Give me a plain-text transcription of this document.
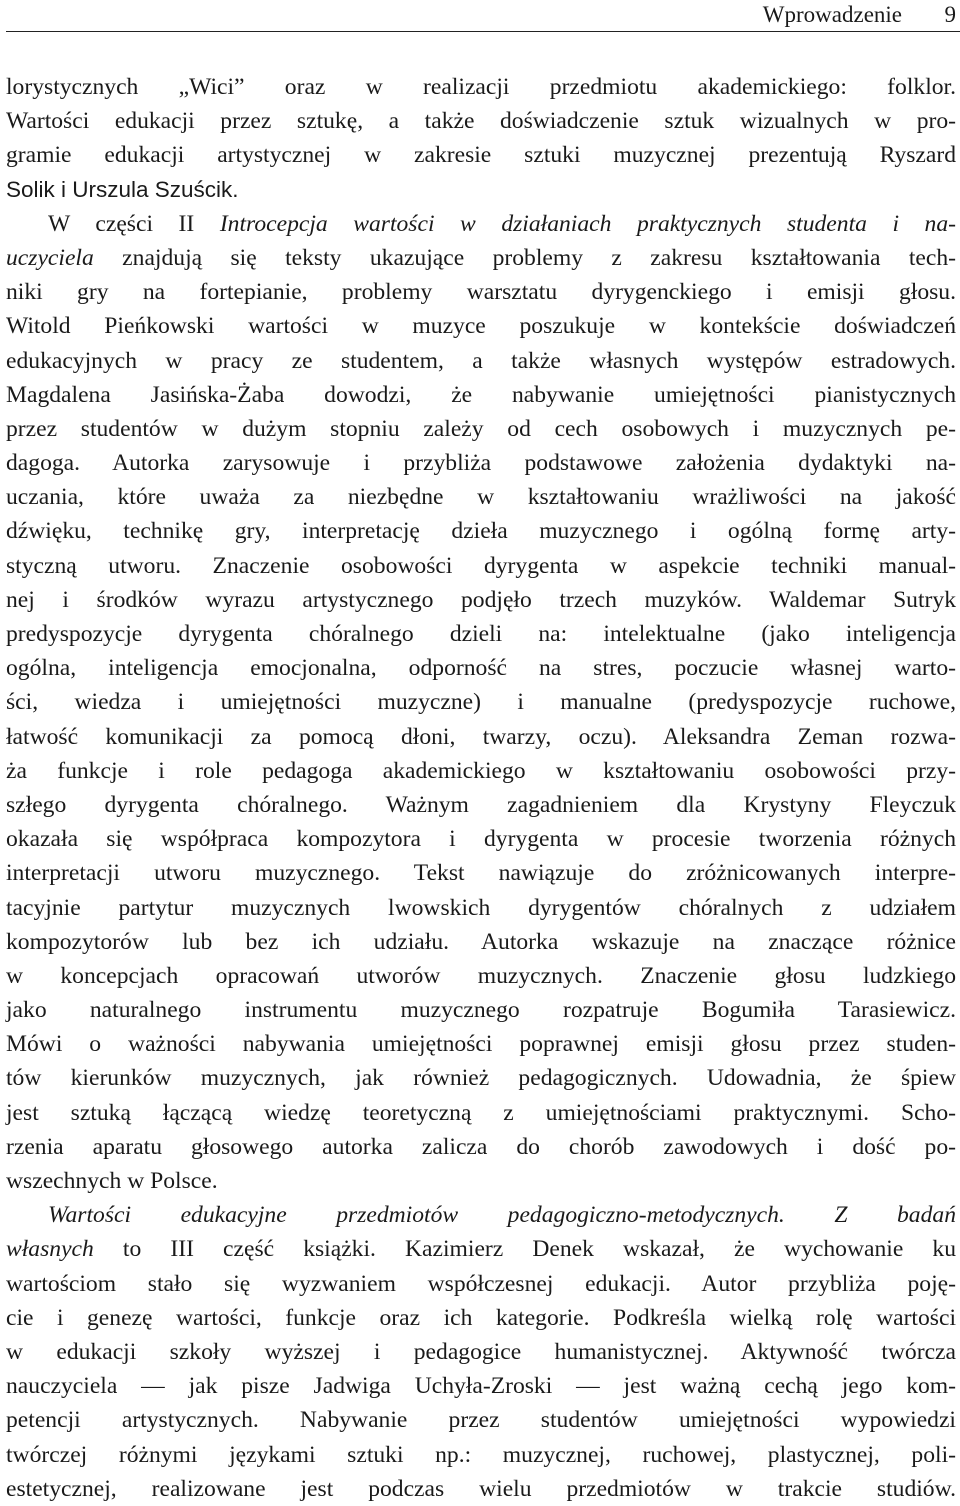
Wprowadzenie 9
lorystycznych „Wici” oraz w realizacji przedmiotu akademickiego: folklor.
Wartości edukacji przez sztukę, a także doświadczenie sztuk wizualnych w pro-
gramie edukacji artystycznej w zakresie sztuki muzycznej prezentują Ryszard
Solik i Urszula Szuścik.
W części II Introcepcja wartości w działaniach praktycznych studenta i na-
uczyciela znajdują się teksty ukazujące problemy z zakresu kształtowania tech-
niki gry na fortepianie, problemy warsztatu dyrygenckiego i emisji głosu.
Witold Pieńkowski wartości w muzyce poszukuje w kontekście doświadczeń
edukacyjnych w pracy ze studentem, a także własnych występów estradowych.
Magdalena Jasińska-Żaba dowodzi, że nabywanie umiejętności pianistycznych
przez studentów w dużym stopniu zależy od cech osobowych i muzycznych pe-
dagoga. Autorka zarysowuje i przybliża podstawowe założenia dydaktyki na-
uczania, które uważa za niezbędne w kształtowaniu wrażliwości na jakość
dźwięku, technikę gry, interpretację dzieła muzycznego i ogólną formę arty-
styczną utworu. Znaczenie osobowości dyrygenta w aspekcie techniki manual-
nej i środków wyrazu artystycznego podjęło trzech muzyków. Waldemar Sutryk
predyspozycje dyrygenta chóralnego dzieli na: intelektualne (jako inteligencja
ogólna, inteligencja emocjonalna, odporność na stres, poczucie własnej warto-
ści, wiedza i umiejętności muzyczne) i manualne (predyspozycje ruchowe,
łatwość komunikacji za pomocą dłoni, twarzy, oczu). Aleksandra Zeman rozwa-
ża funkcje i role pedagoga akademickiego w kształtowaniu osobowości przy-
szłego dyrygenta chóralnego. Ważnym zagadnieniem dla Krystyny Fleyczuk
okazała się współpraca kompozytora i dyrygenta w procesie tworzenia różnych
interpretacji utworu muzycznego. Tekst nawiązuje do zróżnicowanych interpre-
tacyjnie partytur muzycznych lwowskich dyrygentów chóralnych z udziałem
kompozytorów lub bez ich udziału. Autorka wskazuje na znaczące różnice
w koncepcjach opracowań utworów muzycznych. Znaczenie głosu ludzkiego
jako naturalnego instrumentu muzycznego rozpatruje Bogumiła Tarasiewicz.
Mówi o ważności nabywania umiejętności poprawnej emisji głosu przez studen-
tów kierunków muzycznych, jak również pedagogicznych. Udowadnia, że śpiew
jest sztuką łączącą wiedzę teoretyczną z umiejętnościami praktycznymi. Scho-
rzenia aparatu głosowego autorka zalicza do chorób zawodowych i dość po-
wszechnych w Polsce.
Wartości edukacyjne przedmiotów pedagogiczno-metodycznych. Z badań
własnych to III część książki. Kazimierz Denek wskazał, że wychowanie ku
wartościom stało się wyzwaniem współczesnej edukacji. Autor przybliża poję-
cie i genezę wartości, funkcje oraz ich kategorie. Podkreśla wielką rolę wartości
w edukacji szkoły wyższej i pedagogice humanistycznej. Aktywność twórcza
nauczyciela — jak pisze Jadwiga Uchyła-Zroski — jest ważną cechą jego kom-
petencji artystycznych. Nabywanie przez studentów umiejętności wypowiedzi
twórczej różnymi językami sztuki np.: muzycznej, ruchowej, plastycznej, poli-
estetycznej, realizowane jest podczas wielu przedmiotów w trakcie studiów.
